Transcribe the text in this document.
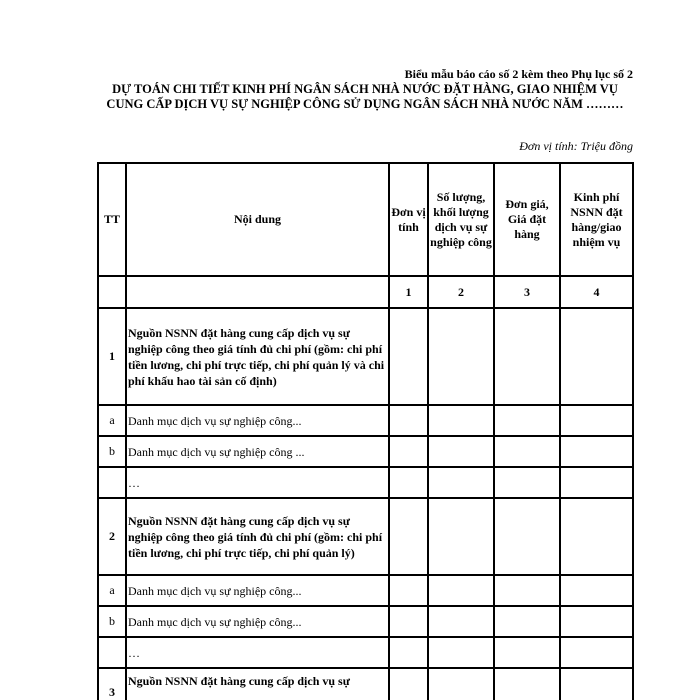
Biểu mẫu báo cáo số 2 kèm theo Phụ lục số 2
DỰ TOÁN CHI TIẾT KINH PHÍ NGÂN SÁCH NHÀ NƯỚC ĐẶT HÀNG, GIAO NHIỆM VỤ CUNG CẤP DỊCH VỤ SỰ NGHIỆP CÔNG SỬ DỤNG NGÂN SÁCH NHÀ NƯỚC NĂM ………
Đơn vị tính: Triệu đồng
TT	Nội dung	Đơn vị tính	Số lượng, khối lượng dịch vụ sự nghiệp công	Đơn giá, Giá đặt hàng	Kinh phí NSNN đặt hàng/giao nhiệm vụ
		1	2	3	4
1	Nguồn NSNN đặt hàng cung cấp dịch vụ sự nghiệp công theo giá tính đủ chi phí (gồm: chi phí tiền lương, chi phí trực tiếp, chi phí quản lý và chi phí khấu hao tài sản cố định)				
a	Danh mục dịch vụ sự nghiệp công...				
b	Danh mục dịch vụ sự nghiệp công ...				
	…				
2	Nguồn NSNN đặt hàng cung cấp dịch vụ sự nghiệp công theo giá tính đủ chi phí (gồm: chi phí tiền lương, chi phí trực tiếp, chi phí quản lý)				
a	Danh mục dịch vụ sự nghiệp công...				
b	Danh mục dịch vụ sự nghiệp công...				
	…				
3	Nguồn NSNN đặt hàng cung cấp dịch vụ sự				
